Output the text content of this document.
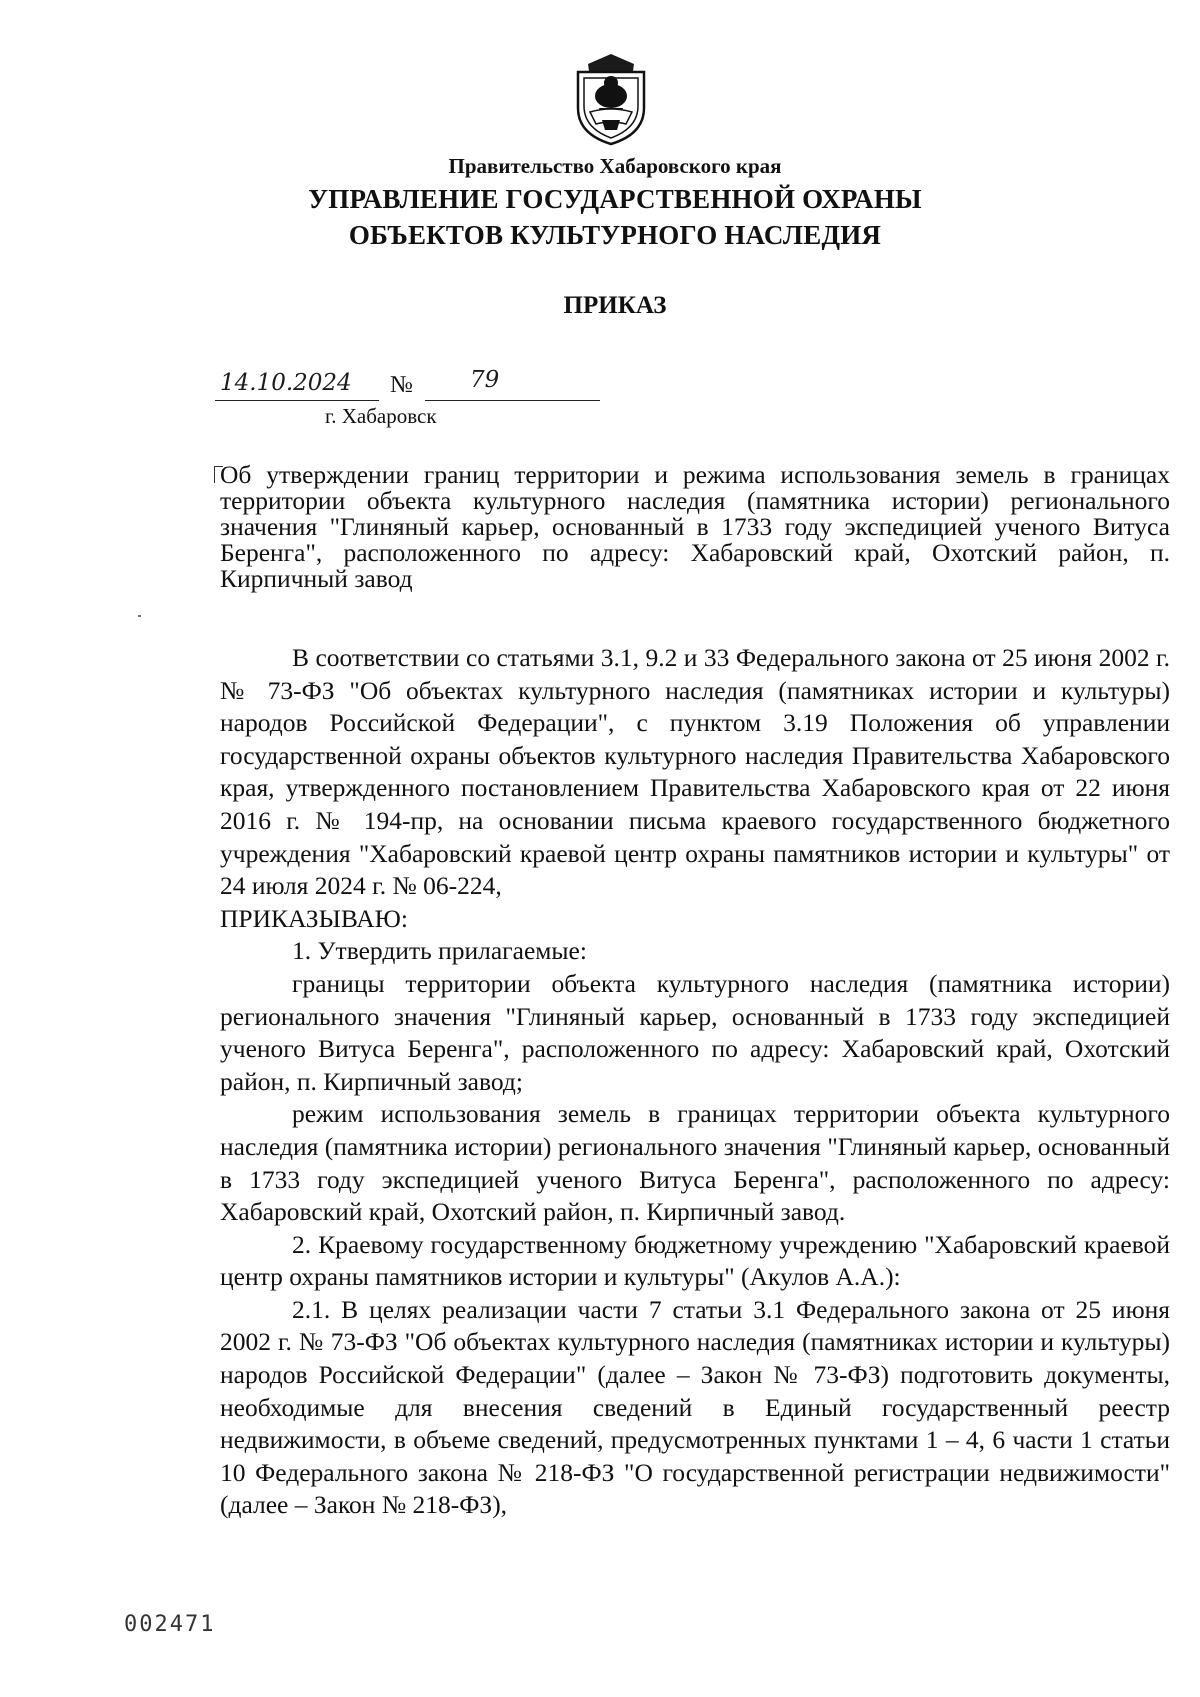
Правительство Хабаровского края
УПРАВЛЕНИЕ ГОСУДАРСТВЕННОЙ ОХРАНЫ
ОБЪЕКТОВ КУЛЬТУРНОГО НАСЛЕДИЯ
ПРИКАЗ
14.10.2024 № 79
г. Хабаровск
Об утверждении границ территории и режима использования земель в границах территории объекта культурного наследия (памятника истории) регионального значения "Глиняный карьер, основанный в 1733 году экспедицией ученого Витуса Беренга", расположенного по адресу: Хабаровский край, Охотский район, п. Кирпичный завод

В соответствии со статьями 3.1, 9.2 и 33 Федерального закона от 25 июня 2002 г. № 73-ФЗ "Об объектах культурного наследия (памятниках истории и культуры) народов Российской Федерации", с пунктом 3.19 Положения об управлении государственной охраны объектов культурного наследия Правительства Хабаровского края, утвержденного постановлением Правительства Хабаровского края от 22 июня 2016 г. № 194-пр, на основании письма краевого государственного бюджетного учреждения "Хабаровский краевой центр охраны памятников истории и культуры" от 24 июля 2024 г. № 06-224,

ПРИКАЗЫВАЮ:

1. Утвердить прилагаемые:

границы территории объекта культурного наследия (памятника истории) регионального значения "Глиняный карьер, основанный в 1733 году экспедицией ученого Витуса Беренга", расположенного по адресу: Хабаровский край, Охотский район, п. Кирпичный завод;

режим использования земель в границах территории объекта культурного наследия (памятника истории) регионального значения "Глиняный карьер, основанный в 1733 году экспедицией ученого Витуса Беренга", расположенного по адресу: Хабаровский край, Охотский район, п. Кирпичный завод.

2. Краевому государственному бюджетному учреждению "Хабаровский краевой центр охраны памятников истории и культуры" (Акулов А.А.):

2.1. В целях реализации части 7 статьи 3.1 Федерального закона от 25 июня 2002 г. № 73-ФЗ "Об объектах культурного наследия (памятниках истории и культуры) народов Российской Федерации" (далее – Закон № 73-ФЗ) подготовить документы, необходимые для внесения сведений в Единый государственный реестр недвижимости, в объеме сведений, предусмотренных пунктами 1 – 4, 6 части 1 статьи 10 Федерального закона № 218-ФЗ "О государственной регистрации недвижимости" (далее – Закон № 218-ФЗ),

002471
